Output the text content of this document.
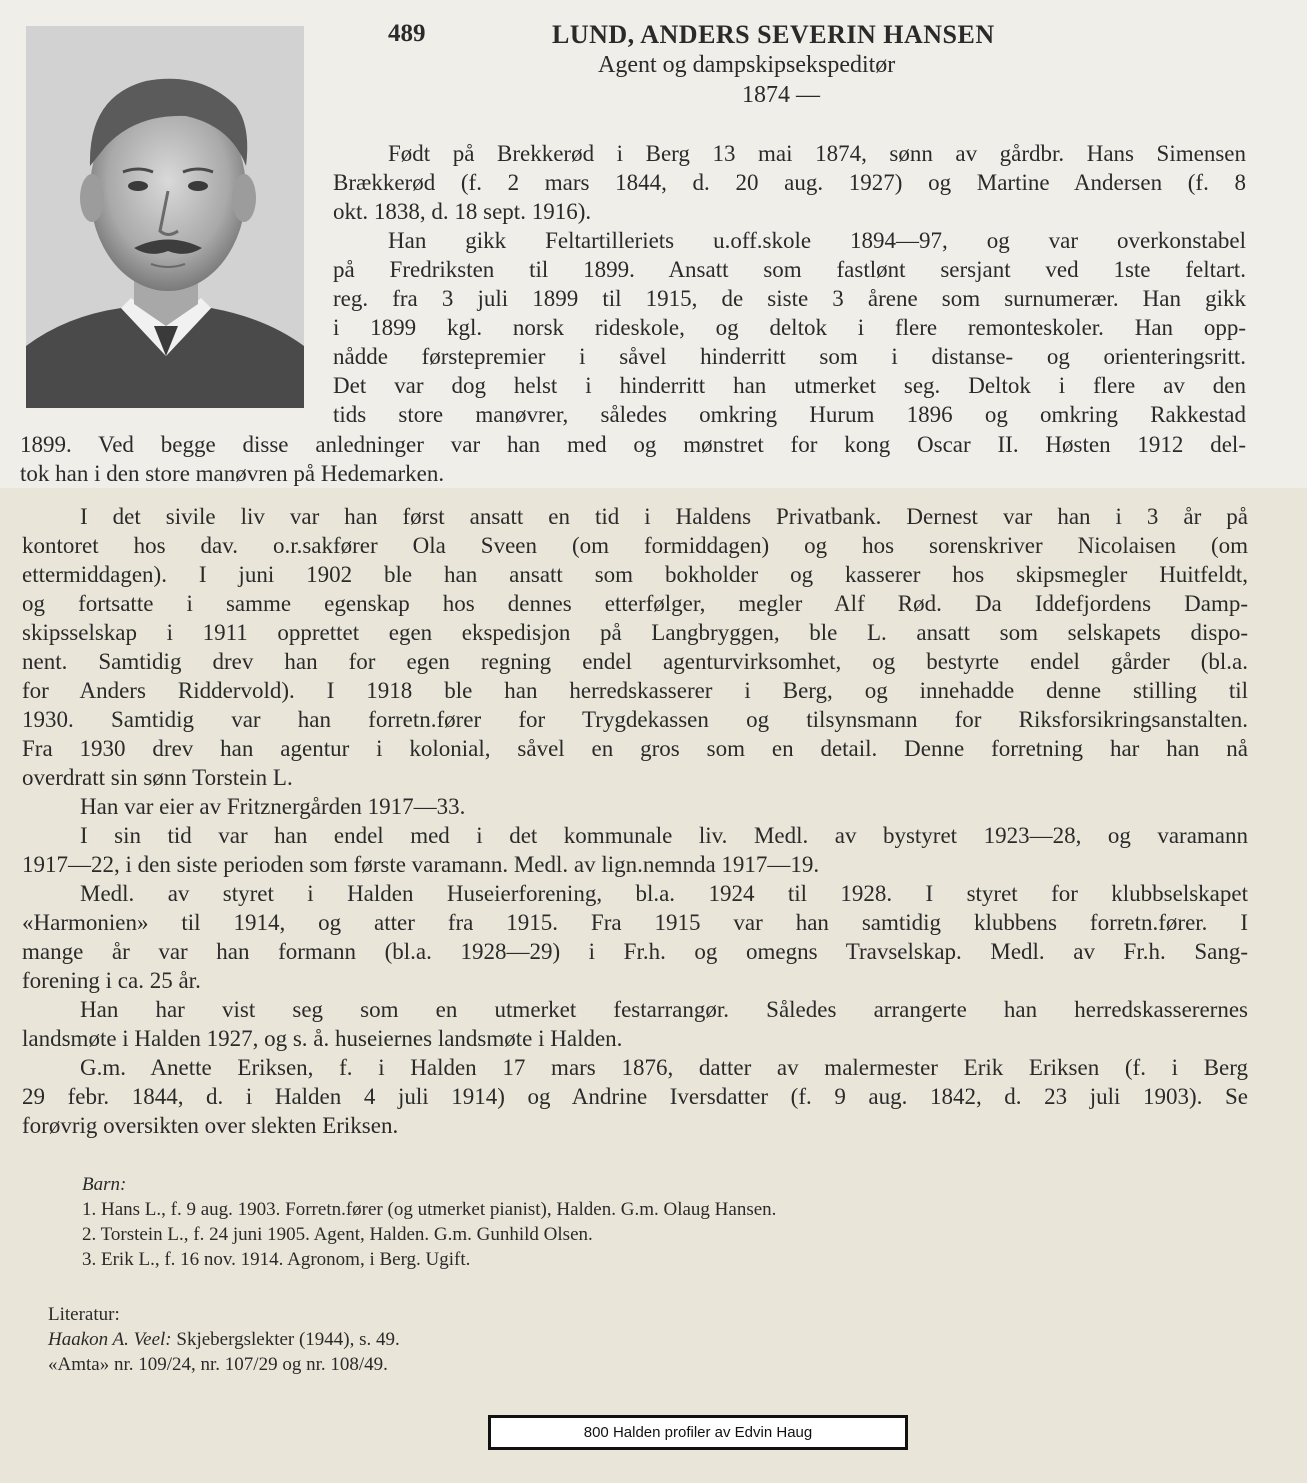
489	LUND, ANDERS SEVERIN HANSEN
Agent og dampskipsekspeditør
1874 —
Født på Brekkerød i Berg 13 mai 1874, sønn av gårdbr. Hans Simensen
Brækkerød (f. 2 mars 1844, d. 20 aug. 1927) og Martine Andersen (f. 8
okt. 1838, d. 18 sept. 1916).
Han gikk Feltartilleriets u.off.skole 1894—97, og var overkonstabel
på Fredriksten til 1899. Ansatt som fastlønt sersjant ved 1ste feltart.
reg. fra 3 juli 1899 til 1915, de siste 3 årene som surnumerær. Han gikk
i 1899 kgl. norsk rideskole, og deltok i flere remonteskoler. Han opp-
nådde førstepremier i såvel hinderritt som i distanse- og orienteringsritt.
Det var dog helst i hinderritt han utmerket seg. Deltok i flere av den
tids store manøvrer, således omkring Hurum 1896 og omkring Rakkestad
1899. Ved begge disse anledninger var han med og mønstret for kong Oscar II. Høsten 1912 del-
tok han i den store manøvren på Hedemarken.
I det sivile liv var han først ansatt en tid i Haldens Privatbank. Dernest var han i 3 år på
kontoret hos dav. o.r.sakfører Ola Sveen (om formiddagen) og hos sorenskriver Nicolaisen (om
ettermiddagen). I juni 1902 ble han ansatt som bokholder og kasserer hos skipsmegler Huitfeldt,
og fortsatte i samme egenskap hos dennes etterfølger, megler Alf Rød. Da Iddefjordens Damp-
skipsselskap i 1911 opprettet egen ekspedisjon på Langbryggen, ble L. ansatt som selskapets dispo-
nent. Samtidig drev han for egen regning endel agenturvirksomhet, og bestyrte endel gårder (bl.a.
for Anders Riddervold). I 1918 ble han herredskasserer i Berg, og innehadde denne stilling til
1930. Samtidig var han forretn.fører for Trygdekassen og tilsynsmann for Riksforsikringsanstalten.
Fra 1930 drev han agentur i kolonial, såvel en gros som en detail. Denne forretning har han nå
overdratt sin sønn Torstein L.
Han var eier av Fritznergården 1917—33.
I sin tid var han endel med i det kommunale liv. Medl. av bystyret 1923—28, og varamann
1917—22, i den siste perioden som første varamann. Medl. av lign.nemnda 1917—19.
Medl. av styret i Halden Huseierforening, bl.a. 1924 til 1928. I styret for klubbselskapet
«Harmonien» til 1914, og atter fra 1915. Fra 1915 var han samtidig klubbens forretn.fører. I
mange år var han formann (bl.a. 1928—29) i Fr.h. og omegns Travselskap. Medl. av Fr.h. Sang-
forening i ca. 25 år.
Han har vist seg som en utmerket festarrangør. Således arrangerte han herredskasserernes
landsmøte i Halden 1927, og s. å. huseiernes landsmøte i Halden.
G.m. Anette Eriksen, f. i Halden 17 mars 1876, datter av malermester Erik Eriksen (f. i Berg
29 febr. 1844, d. i Halden 4 juli 1914) og Andrine Iversdatter (f. 9 aug. 1842, d. 23 juli 1903). Se
forøvrig oversikten over slekten Eriksen.
Barn:
1. Hans L., f. 9 aug. 1903. Forretn.fører (og utmerket pianist), Halden. G.m. Olaug Hansen.
2. Torstein L., f. 24 juni 1905. Agent, Halden. G.m. Gunhild Olsen.
3. Erik L., f. 16 nov. 1914. Agronom, i Berg. Ugift.
Literatur:
Haakon A. Veel: Skjebergslekter (1944), s. 49.
«Amta» nr. 109/24, nr. 107/29 og nr. 108/49.
800 Halden profiler av Edvin Haug
